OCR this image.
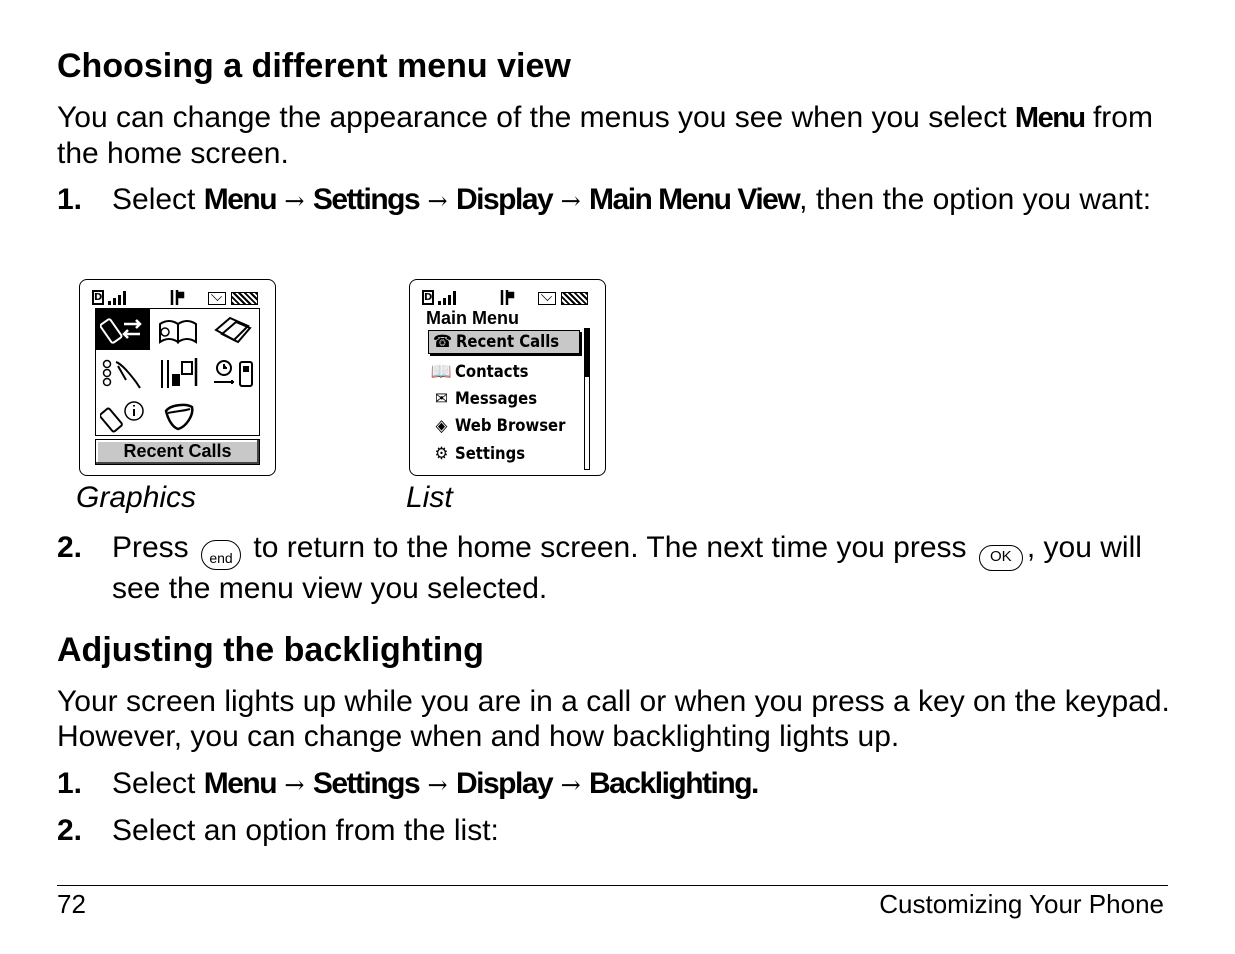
Choosing a different menu view
You can change the appearance of the menus you see when you select Menu from the home screen.
1. Select Menu → Settings → Display → Main Menu View, then the option you want:
D
Recent Calls
D
Main Menu
☎ Recent Calls
📖 Contacts
✉ Messages
◈ Web Browser
⚙ Settings
Graphics	List
2. Press end to return to the home screen. The next time you press OK , you will see the menu view you selected.
Adjusting the backlighting
Your screen lights up while you are in a call or when you press a key on the keypad. However, you can change when and how backlighting lights up.
1. Select Menu → Settings → Display → Backlighting.
2. Select an option from the list:
72	Customizing Your Phone
